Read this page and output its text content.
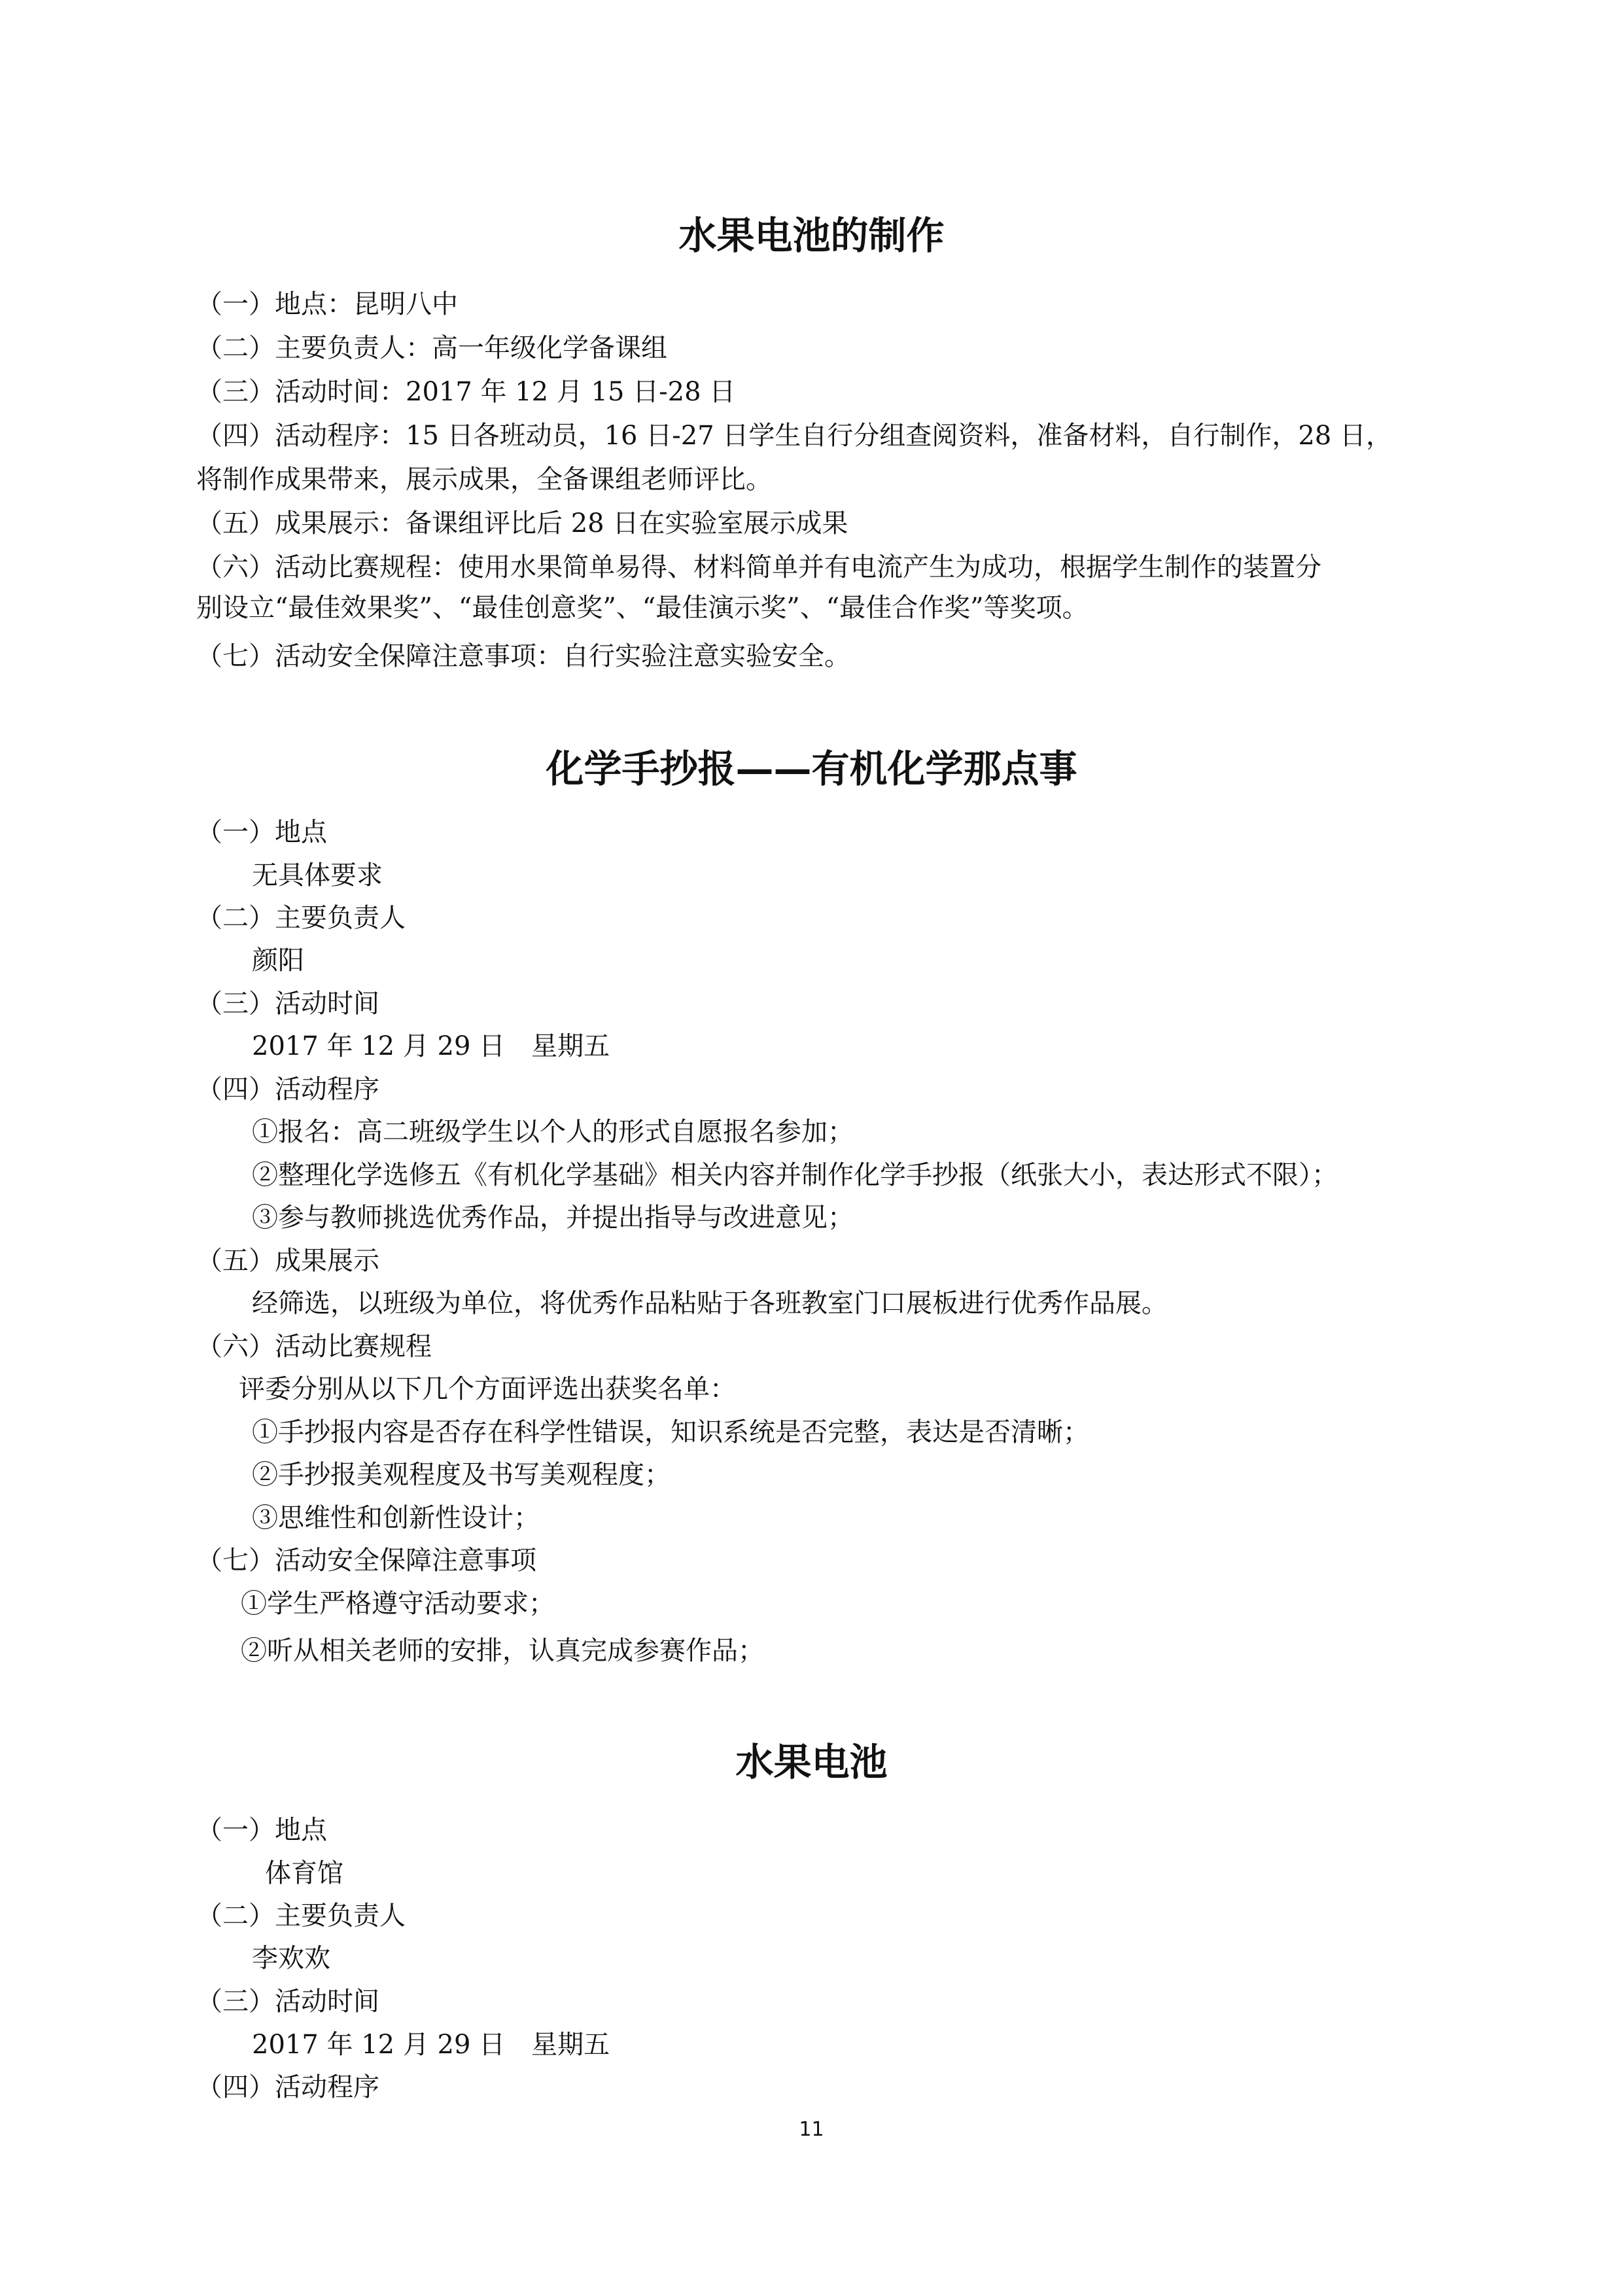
水果电池的制作
（一）地点：昆明八中
（二）主要负责人：高一年级化学备课组
（三）活动时间：2017 年 12 月 15 日-28 日
（四）活动程序：15 日各班动员，16 日-27 日学生自行分组查阅资料，准备材料，自行制作，28 日，
将制作成果带来，展示成果，全备课组老师评比。
（五）成果展示：备课组评比后 28 日在实验室展示成果
（六）活动比赛规程：使用水果简单易得、材料简单并有电流产生为成功，根据学生制作的装置分
别设立“最佳效果奖”、“最佳创意奖”、“最佳演示奖”、“最佳合作奖”等奖项。
（七）活动安全保障注意事项：自行实验注意实验安全。
化学手抄报——有机化学那点事
（一）地点
无具体要求
（二）主要负责人
颜阳
（三）活动时间
2017 年 12 月 29 日　星期五
（四）活动程序
①报名：高二班级学生以个人的形式自愿报名参加；
②整理化学选修五《有机化学基础》相关内容并制作化学手抄报（纸张大小，表达形式不限）；
③参与教师挑选优秀作品，并提出指导与改进意见；
（五）成果展示
经筛选，以班级为单位，将优秀作品粘贴于各班教室门口展板进行优秀作品展。
（六）活动比赛规程
评委分别从以下几个方面评选出获奖名单：
①手抄报内容是否存在科学性错误，知识系统是否完整，表达是否清晰；
②手抄报美观程度及书写美观程度；
③思维性和创新性设计；
（七）活动安全保障注意事项
①学生严格遵守活动要求；
②听从相关老师的安排，认真完成参赛作品；
水果电池
（一）地点
体育馆
（二）主要负责人
李欢欢
（三）活动时间
2017 年 12 月 29 日　星期五
（四）活动程序
11
